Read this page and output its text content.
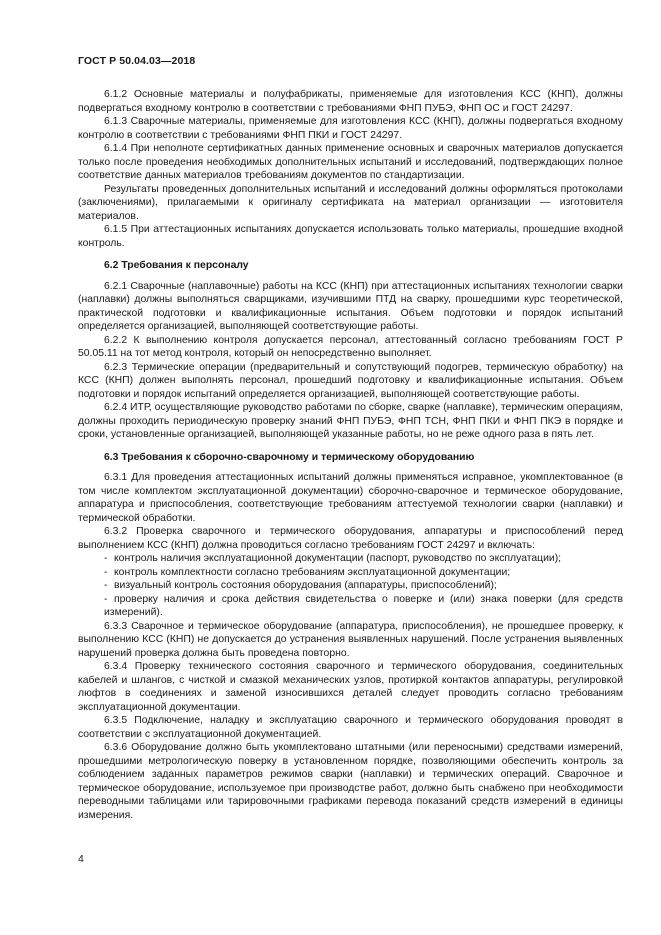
ГОСТ Р 50.04.03—2018

6.1.2 Основные материалы и полуфабрикаты, применяемые для изготовления КСС (КНП), должны подвергаться входному контролю в соответствии с требованиями ФНП ПУБЭ, ФНП ОС и ГОСТ 24297.

6.1.3 Сварочные материалы, применяемые для изготовления КСС (КНП), должны подвергаться входному контролю в соответствии с требованиями ФНП ПКИ и ГОСТ 24297.

6.1.4 При неполноте сертификатных данных применение основных и сварочных материалов допускается только после проведения необходимых дополнительных испытаний и исследований, подтверждающих полное соответствие данных материалов требованиям документов по стандартизации.

Результаты проведенных дополнительных испытаний и исследований должны оформляться протоколами (заключениями), прилагаемыми к оригиналу сертификата на материал организации — изготовителя материалов.

6.1.5 При аттестационных испытаниях допускается использовать только материалы, прошедшие входной контроль.

6.2 Требования к персоналу

6.2.1 Сварочные (наплавочные) работы на КСС (КНП) при аттестационных испытаниях технологии сварки (наплавки) должны выполняться сварщиками, изучившими ПТД на сварку, прошедшими курс теоретической, практической подготовки и квалификационные испытания. Объем подготовки и порядок испытаний определяется организацией, выполняющей соответствующие работы.

6.2.2 К выполнению контроля допускается персонал, аттестованный согласно требованиям ГОСТ Р 50.05.11 на тот метод контроля, который он непосредственно выполняет.

6.2.3 Термические операции (предварительный и сопутствующий подогрев, термическую обработку) на КСС (КНП) должен выполнять персонал, прошедший подготовку и квалификационные испытания. Объем подготовки и порядок испытаний определяется организацией, выполняющей соответствующие работы.

6.2.4 ИТР, осуществляющие руководство работами по сборке, сварке (наплавке), термическим операциям, должны проходить периодическую проверку знаний ФНП ПУБЭ, ФНП ТСН, ФНП ПКИ и ФНП ПКЭ в порядке и сроки, установленные организацией, выполняющей указанные работы, но не реже одного раза в пять лет.

6.3 Требования к сборочно-сварочному и термическому оборудованию

6.3.1 Для проведения аттестационных испытаний должны применяться исправное, укомплектованное (в том числе комплектом эксплуатационной документации) сборочно-сварочное и термическое оборудование, аппаратура и приспособления, соответствующие требованиям аттестуемой технологии сварки (наплавки) и термической обработки.

6.3.2 Проверка сварочного и термического оборудования, аппаратуры и приспособлений перед выполнением КСС (КНП) должна проводиться согласно требованиям ГОСТ 24297 и включать:

- контроль наличия эксплуатационной документации (паспорт, руководство по эксплуатации);
- контроль комплектности согласно требованиям эксплуатационной документации;
- визуальный контроль состояния оборудования (аппаратуры, приспособлений);
- проверку наличия и срока действия свидетельства о поверке и (или) знака поверки (для средств измерений).

6.3.3 Сварочное и термическое оборудование (аппаратура, приспособления), не прошедшее проверку, к выполнению КСС (КНП) не допускается до устранения выявленных нарушений. После устранения выявленных нарушений проверка должна быть проведена повторно.

6.3.4 Проверку технического состояния сварочного и термического оборудования, соединительных кабелей и шлангов, с чисткой и смазкой механических узлов, протиркой контактов аппаратуры, регулировкой люфтов в соединениях и заменой износившихся деталей следует проводить согласно требованиям эксплуатационной документации.

6.3.5 Подключение, наладку и эксплуатацию сварочного и термического оборудования проводят в соответствии с эксплуатационной документацией.

6.3.6 Оборудование должно быть укомплектовано штатными (или переносными) средствами измерений, прошедшими метрологическую поверку в установленном порядке, позволяющими обеспечить контроль за соблюдением заданных параметров режимов сварки (наплавки) и термических операций. Сварочное и термическое оборудование, используемое при производстве работ, должно быть снабжено при необходимости переводными таблицами или тарировочными графиками перевода показаний средств измерений в единицы измерения.

4
